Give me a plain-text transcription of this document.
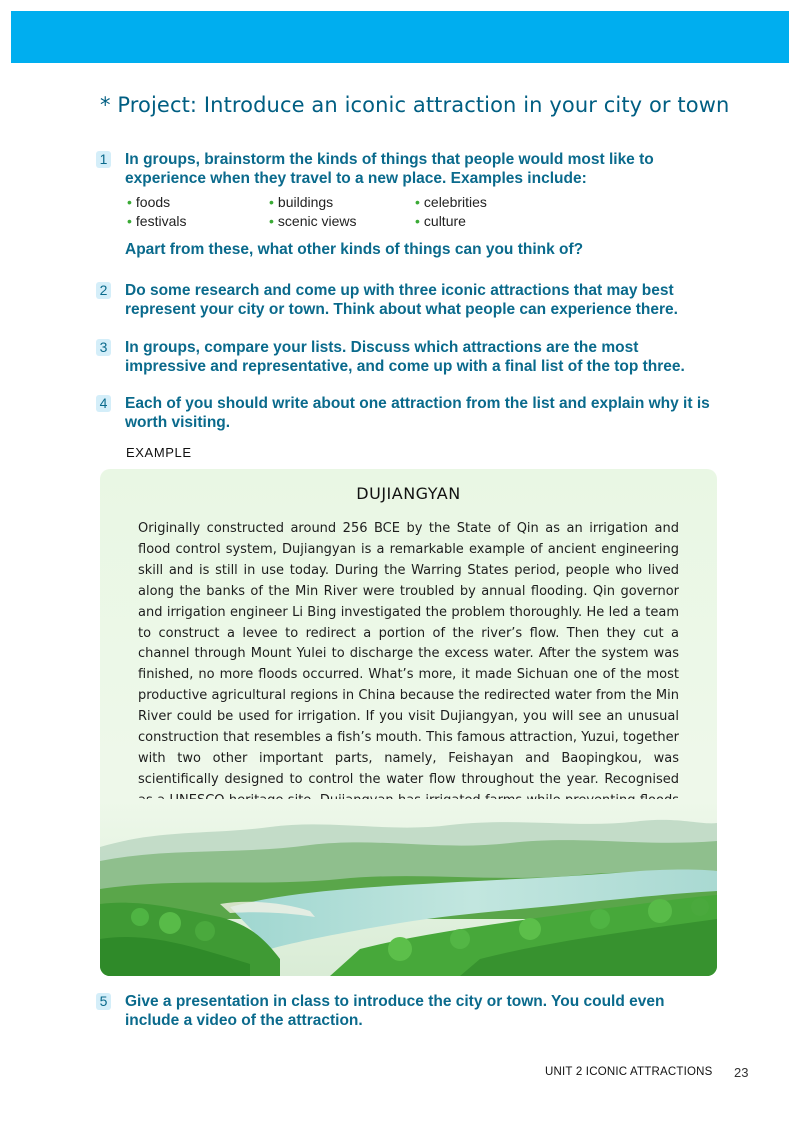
* Project: Introduce an iconic attraction in your city or town
1 In groups, brainstorm the kinds of things that people would most like to experience when they travel to a new place. Examples include:

• foods	• buildings	• celebrities
• festivals	• scenic views	• culture

Apart from these, what other kinds of things can you think of?

2 Do some research and come up with three iconic attractions that may best represent your city or town. Think about what people can experience there.

3 In groups, compare your lists. Discuss which attractions are the most impressive and representative, and come up with a final list of the top three.

4 Each of you should write about one attraction from the list and explain why it is worth visiting.

EXAMPLE
DUJIANGYAN

Originally constructed around 256 BCE by the State of Qin as an irrigation and flood control system, Dujiangyan is a remarkable example of ancient engineering skill and is still in use today. During the Warring States period, people who lived along the banks of the Min River were troubled by annual flooding. Qin governor and irrigation engineer Li Bing investigated the problem thoroughly. He led a team to construct a levee to redirect a portion of the river’s flow. Then they cut a channel through Mount Yulei to discharge the excess water. After the system was finished, no more floods occurred. What’s more, it made Sichuan one of the most productive agricultural regions in China because the redirected water from the Min River could be used for irrigation. If you visit Dujiangyan, you will see an unusual construction that resembles a fish’s mouth. This famous attraction, Yuzui, together with two other important parts, namely, Feishayan and Baopingkou, was scientifically designed to control the water flow throughout the year. Recognised

5 Give a presentation in class to introduce the city or town. You could even include a video of the attraction.

UNIT 2 ICONIC ATTRACTIONS 23
